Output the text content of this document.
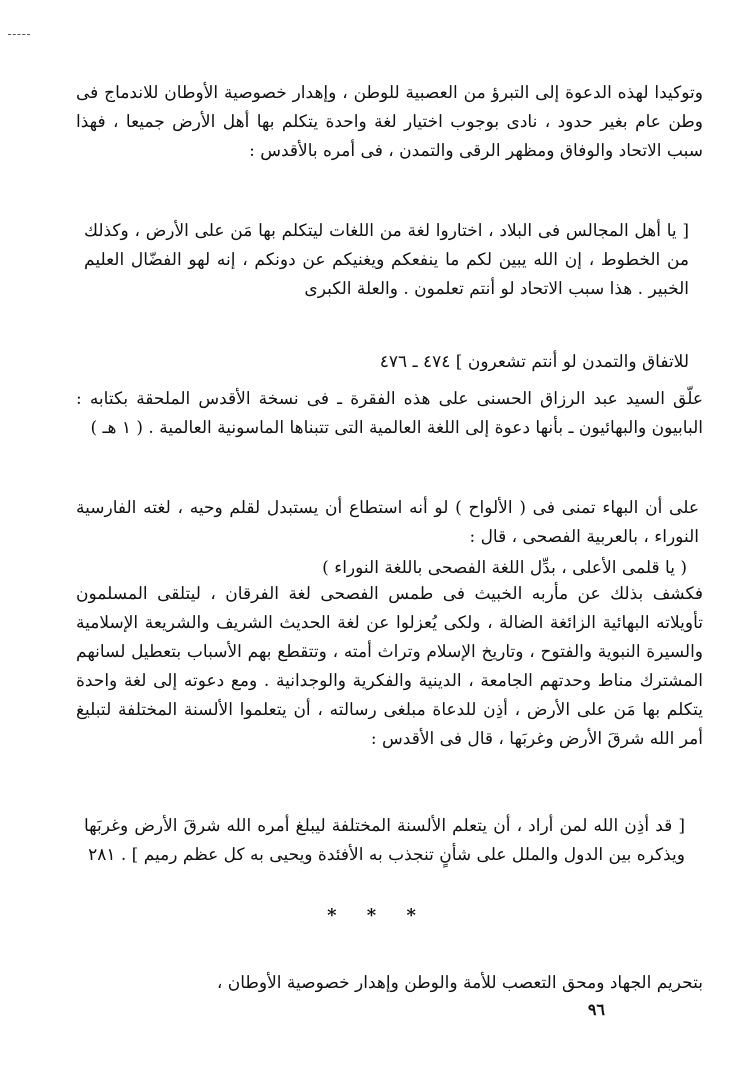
وتوكيدا لهذه الدعوة إلى التبرؤ من العصبية للوطن ، وإهدار خصوصية الأوطان للاندماج فى وطن عام بغير حدود ، نادى بوجوب اختيار لغة واحدة يتكلم بها أهل الأرض جميعا ، فهذا سبب الاتحاد والوفاق ومظهر الرقى والتمدن ، فى أمره بالأقدس :

[ يا أهل المجالس فى البلاد ، اختاروا لغة من اللغات ليتكلم بها مَن على الأرض ، وكذلك من الخطوط ، إن الله يبين لكم ما ينفعكم ويغنيكم عن دونكم ، إنه لهو الفضّال العليم الخبير . هذا سبب الاتحاد لو أنتم تعلمون . والعلة الكبرى

للاتفاق والتمدن لو أنتم تشعرون ] ٤٧٤ ـ ٤٧٦

علّق السيد عبد الرزاق الحسنى على هذه الفقرة ـ فى نسخة الأقدس الملحقة بكتابه : البابيون والبهائيون ـ بأنها دعوة إلى اللغة العالمية التى تتبناها الماسونية العالمية . ( ١ هـ )

على أن البهاء تمنى فى ( الألواح ) لو أنه استطاع أن يستبدل لقلم وحيه ، لغته الفارسية النوراء ، بالعربية الفصحى ، قال :

( يا قلمى الأعلى ، بدِّل اللغة الفصحى باللغة النوراء )

فكشف بذلك عن مأربه الخبيث فى طمس الفصحى لغة الفرقان ، ليتلقى المسلمون تأويلاته البهائية الزائغة الضالة ، ولكى يُعزلوا عن لغة الحديث الشريف والشريعة الإسلامية والسيرة النبوية والفتوح ، وتاريخ الإسلام وتراث أمته ، وتتقطع بهم الأسباب بتعطيل لسانهم المشترك مناط وحدتهم الجامعة ، الدينية والفكرية والوجدانية . ومع دعوته إلى لغة واحدة يتكلم بها مَن على الأرض ، أذِن للدعاة مبلغى رسالته ، أن يتعلموا الألسنة المختلفة لتبليغ أمر الله شرقَ الأرض وغربَها ، قال فى الأقدس :

[ قد أذِن الله لمن أراد ، أن يتعلم الألسنة المختلفة ليبلغ أمره الله شرقَ الأرض وغربَها ويذكره بين الدول والملل على شأنٍ تنجذب به الأفئدة ويحيى به كل عظم رميم ] . ٢٨١

* * *

بتحريم الجهاد ومحق التعصب للأمة والوطن وإهدار خصوصية الأوطان ،

٩٦
